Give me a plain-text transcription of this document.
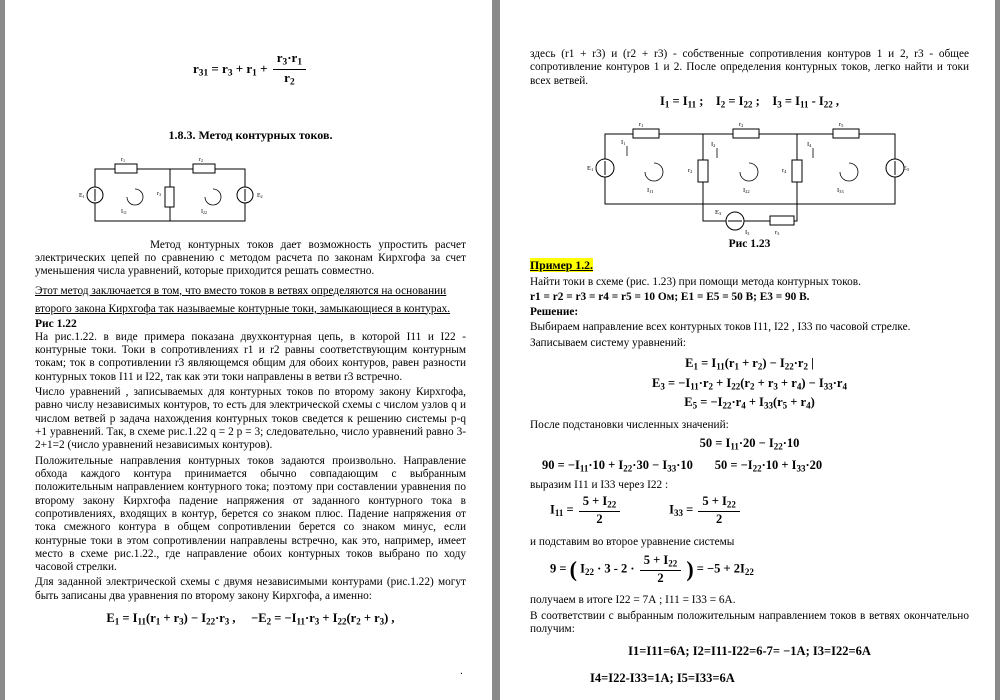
$r_{31} = r_3 + r_1 + \frac{r_3\cdot r_1}{r_2}$
1.8.3. Метод контурных токов.
r1	r2
r3
E1	E2
I11	I22

Метод контурных токов дает возможность упростить расчет электрических цепей по сравнению с методом расчета по законам Кирхгофа за счет уменьшения числа уравнений, которые приходится решать совместно.

Этот метод заключается в том, что вместо токов в ветвях определяются на основании второго закона Кирхгофа так называемые контурные токи, замыкающиеся в контурах.

Рис 1.22

На рис.1.22. в виде примера показана двухконтурная цепь, в которой I11 и I22 - контурные токи. Токи в сопротивлениях r1 и r2 равны соответствующим контурным токам; ток в сопротивлении r3 являющемся общим для обоих контуров, равен разности контурных токов I11 и I22, так как эти токи направлены в ветви r3 встречно.

Число уравнений , записываемых для контурных токов по второму закону Кирхгофа, равно числу независимых контуров, то есть для электрической схемы с числом узлов q и числом ветвей p задача нахождения контурных токов сведется к решению системы p-q +1 уравнений. Так, в схеме рис.1.22 q = 2 p = 3; следовательно, число уравнений равно 3-2+1=2 (число уравнений независимых контуров).

Положительные направления контурных токов задаются произвольно. Направление обхода каждого контура принимается обычно совпадающим с выбранным положительным направлением контурного тока; поэтому при составлении уравнения по второму закону Кирхгофа падение напряжения от заданного контурного тока в сопротивлениях, входящих в контур, берется со знаком плюс. Падение напряжения от тока смежного контура в общем сопротивлении берется со знаком минус, если контурные токи в этом сопротивлении направлены встречно, как это, например, имеет место в схеме рис.1.22., где направление обоих контурных токов выбрано по ходу часовой стрелки.

Для заданной электрической схемы с двумя независимыми контурами (рис.1.22) могут быть записаны два уравнения по второму закону Кирхгофа, а именно:

$E_1 = I_{11}(r_1 + r_3) - I_{22}\cdot r_3$ ,     $-E_2 = -I_{11}\cdot r_3 + I_{22}(r_2 + r_3)$ ,
.

здесь (r1 + r3) и (r2 + r3) - собственные сопротивления контуров 1 и 2, r3 - общее сопротивление контуров 1 и 2. После определения контурных токов, легко найти и токи всех ветвей.

$I_1 = I_{11}$ ;    $I_2 = I_{22}$ ;    $I_3 = I_{11} - I_{22}$ ,
r1	r2	r5
r2	r4
r3
E1	E5
E3
I1	I2	I4
I3
I11	I22	I33
Рис 1.23
Пример 1.2.

Найти токи в схеме (рис. 1.23) при помощи метода контурных токов.

r1 = r2 = r3 = r4 = r5 = 10 Ом; E1 = E5 = 50 B; E3 = 90 B.

Решение:

Выбираем направление всех контурных токов I11, I22 , I33 по часовой стрелке.

Записываем систему уравнений:

$E_1 = I_{11}(r_1 + r_2) - I_{22}\cdot r_2$ |
$E_3 = -I_{11}\cdot r_2 + I_{22}(r_2 + r_3 + r_4) - I_{33}\cdot r_4$
$E_5 = -I_{22}\cdot r_4 + I_{33}(r_5 + r_4)$

После подстановки численных значений:

$50 = I_{11}\cdot 20 - I_{22}\cdot 10$
$90 = -I_{11}\cdot 10 + I_{22}\cdot 30 - I_{33}\cdot 10$       $50 = -I_{22}\cdot 10 + I_{33}\cdot 20$

выразим I11 и I33 через I22 :

$I_{11} = \frac{5 + I_{22}}{2} I_{33} = \frac{5 + I_{22}}{2}$

и подставим во второе уравнение системы

9 = ( $I_{22} \cdot 3 - 2 \cdot \frac{5 + I_{22}}{2}$ ) = $-5 + 2I_{22}$

получаем в итоге I22 = 7А ; I11 = I33 = 6А.

В соответствии с выбранным положительным направлением токов в ветвях окончательно получим:

I1=I11=6A; I2=I11-I22=6-7= −1A; I3=I22=6A
I4=I22-I33=1A; I5=I33=6A
